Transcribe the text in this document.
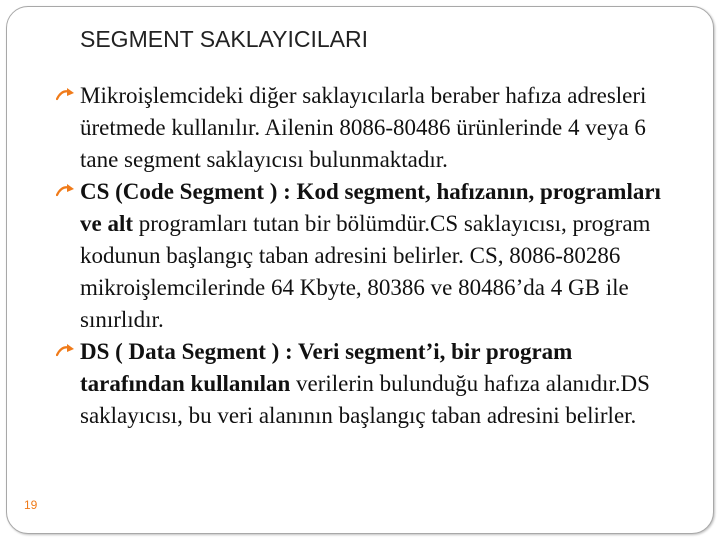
SEGMENT SAKLAYICILARI
Mikroişlemcideki diğer saklayıcılarla beraber hafıza adresleri üretmede kullanılır. Ailenin 8086-80486 ürünlerinde 4 veya 6 tane segment saklayıcısı bulunmaktadır.
CS (Code Segment ) : Kod segment, hafızanın, programları ve alt programları tutan bir bölümdür.CS saklayıcısı, program kodunun başlangıç taban adresini belirler. CS, 8086-80286 mikroişlemcilerinde 64 Kbyte, 80386 ve 80486’da 4 GB ile sınırlıdır.
DS ( Data Segment ) : Veri segment’i, bir program tarafından kullanılan verilerin bulunduğu hafıza alanıdır.DS saklayıcısı, bu veri alanının başlangıç taban adresini belirler.
19
